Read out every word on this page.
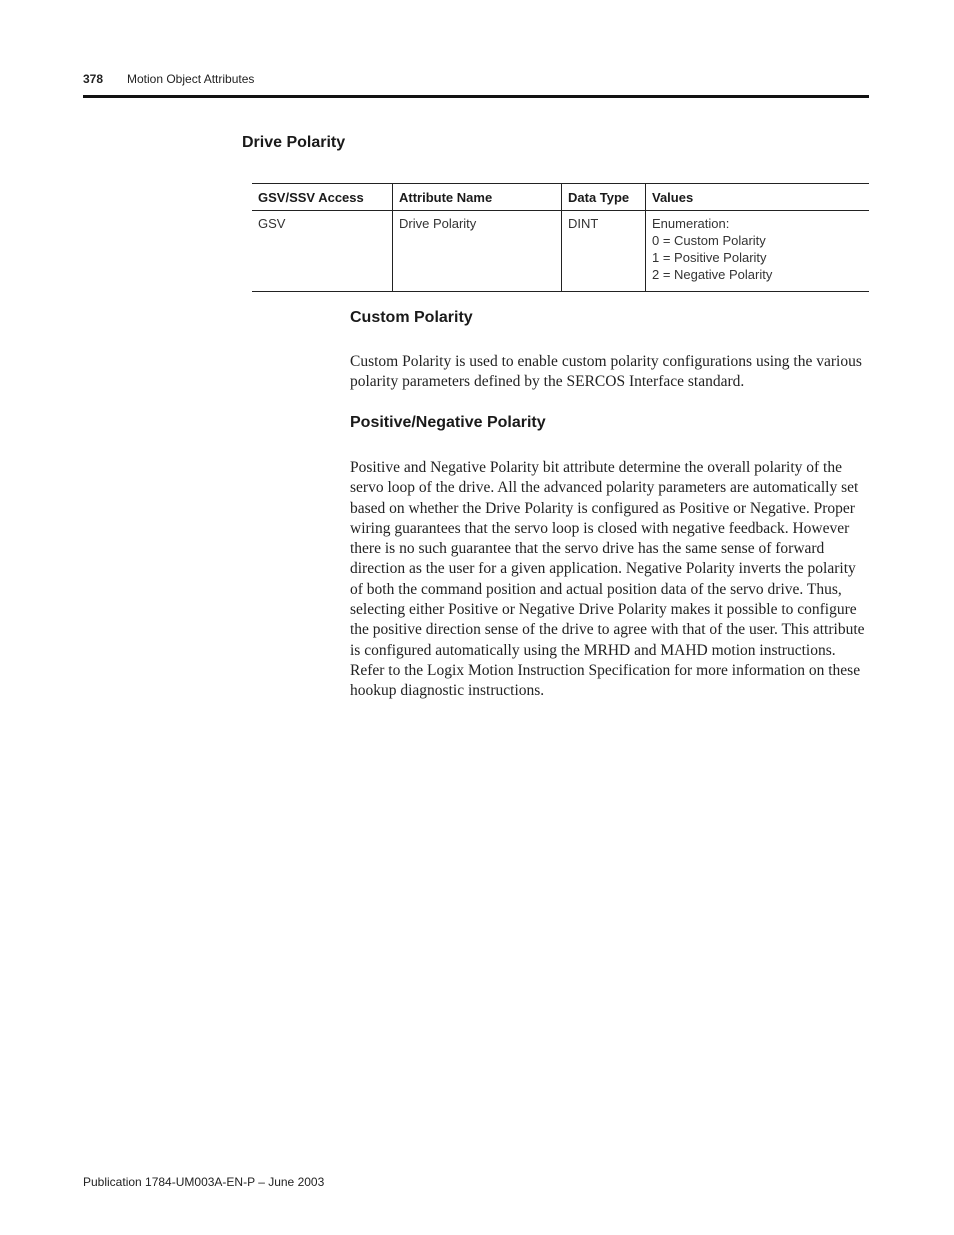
378 Motion Object Attributes
Drive Polarity
GSV/SSV Access	Attribute Name	Data Type	Values
GSV	Drive Polarity	DINT	Enumeration:
0 = Custom Polarity
1 = Positive Polarity
2 = Negative Polarity
Custom Polarity

Custom Polarity is used to enable custom polarity configurations using the various polarity parameters defined by the SERCOS Interface standard.

Positive/Negative Polarity

Positive and Negative Polarity bit attribute determine the overall polarity of the servo loop of the drive. All the advanced polarity parameters are automatically set based on whether the Drive Polarity is configured as Positive or Negative. Proper wiring guarantees that the servo loop is closed with negative feedback. However there is no such guarantee that the servo drive has the same sense of forward direction as the user for a given application. Negative Polarity inverts the polarity of both the command position and actual position data of the servo drive. Thus, selecting either Positive or Negative Drive Polarity makes it possible to configure the positive direction sense of the drive to agree with that of the user. This attribute is configured automatically using the MRHD and MAHD motion instructions. Refer to the Logix Motion Instruction Specification for more information on these hookup diagnostic instructions.

Publication 1784-UM003A-EN-P – June 2003
